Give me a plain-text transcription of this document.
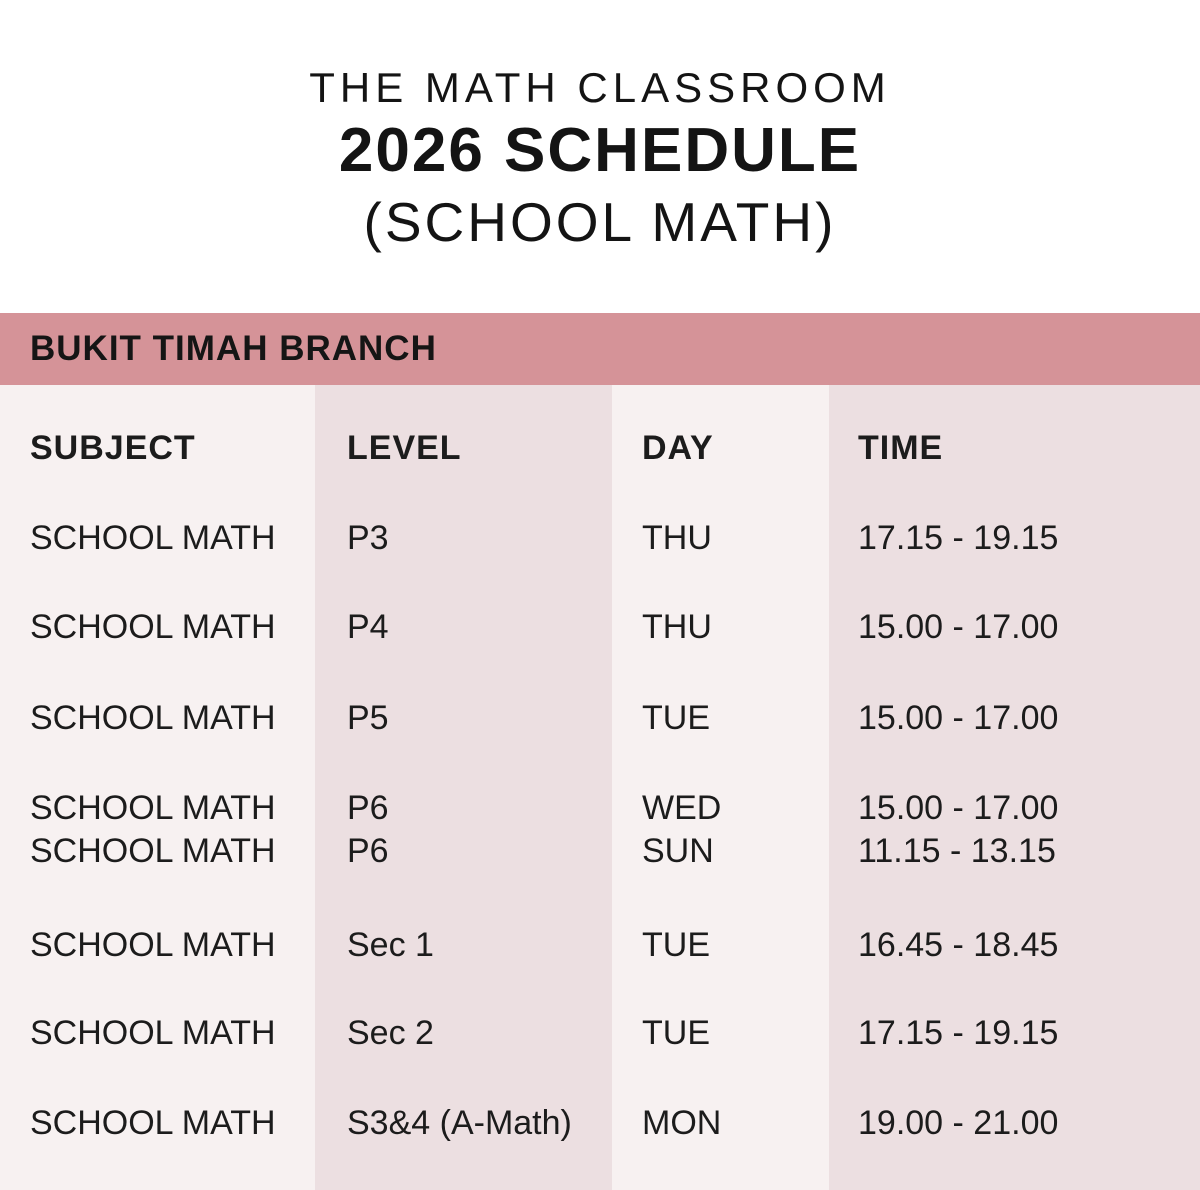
THE MATH CLASSROOM
2026 SCHEDULE
(SCHOOL MATH)
BUKIT TIMAH BRANCH
SUBJECT	LEVEL	DAY	TIME
SCHOOL MATH	P3	THU	17.15 - 19.15
SCHOOL MATH	P4	THU	15.00 - 17.00
SCHOOL MATH	P5	TUE	15.00 - 17.00
SCHOOL MATH	P6	WED	15.00 - 17.00
SCHOOL MATH	P6	SUN	11.15 - 13.15
SCHOOL MATH	Sec 1	TUE	16.45 - 18.45
SCHOOL MATH	Sec 2	TUE	17.15 - 19.15
SCHOOL MATH	S3&4 (A-Math)	MON	19.00 - 21.00
